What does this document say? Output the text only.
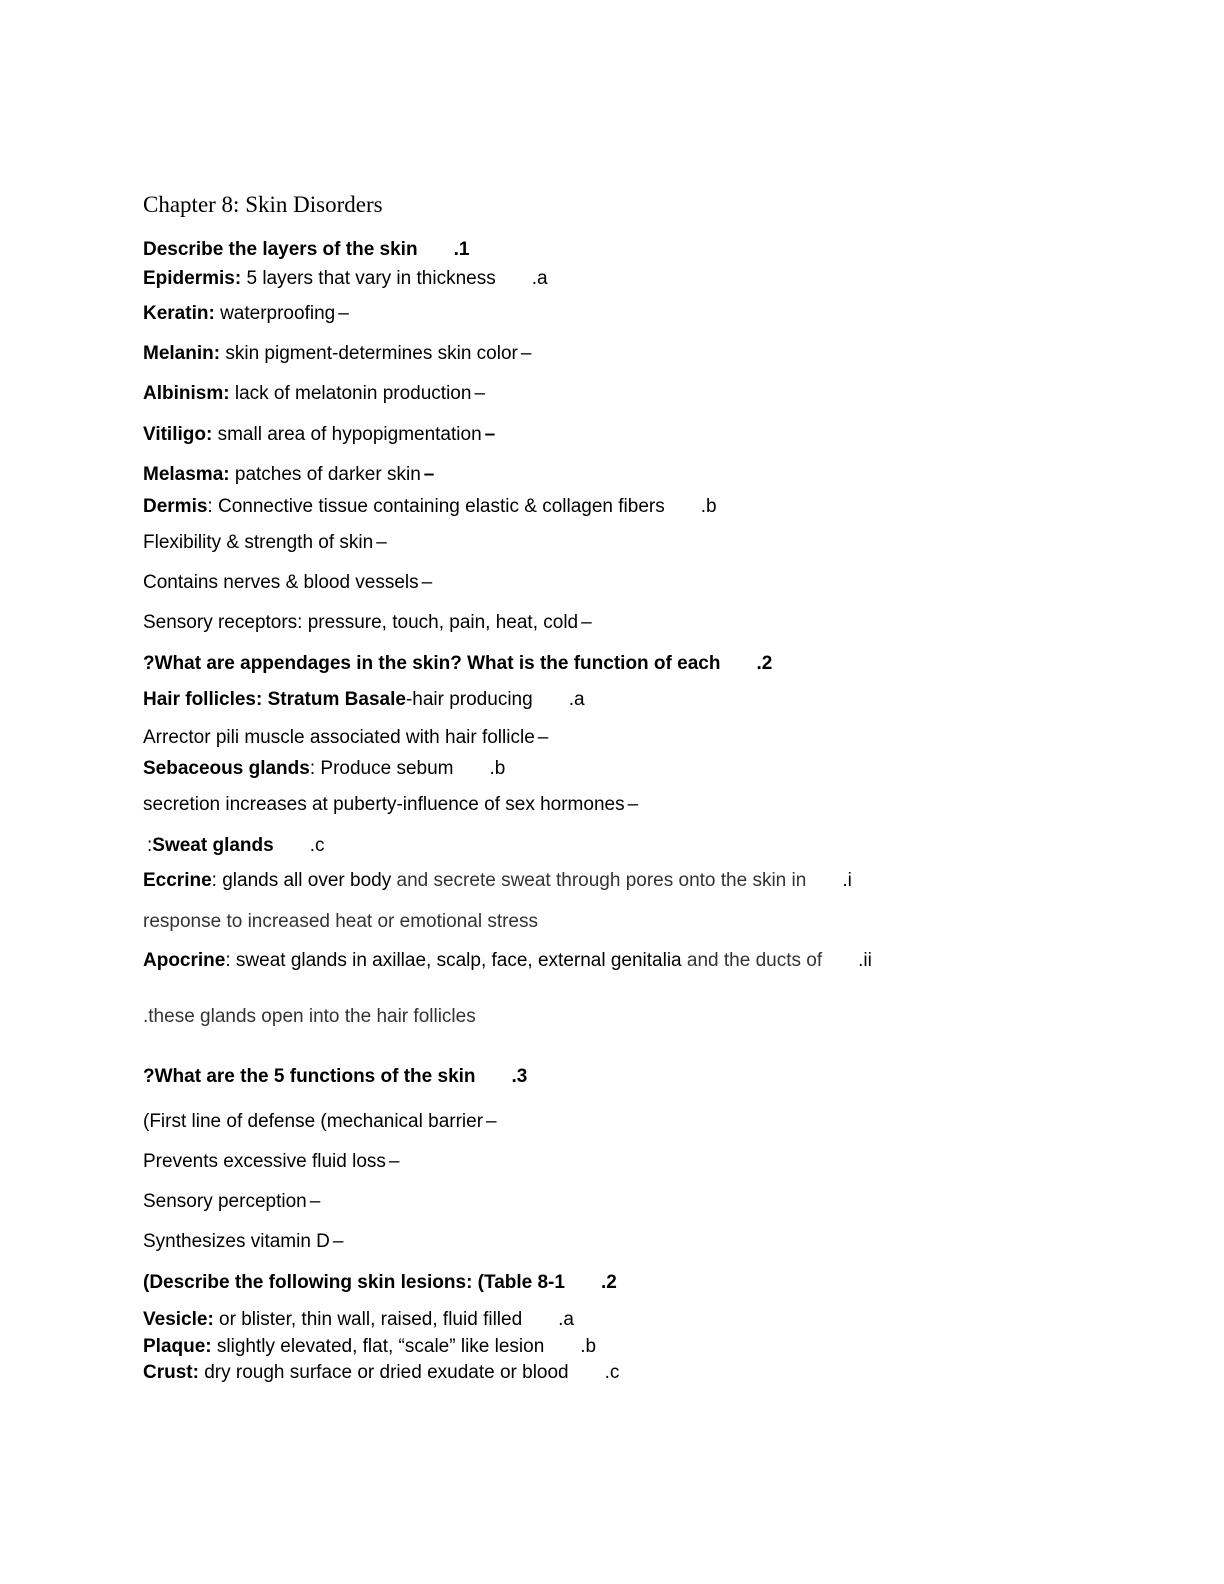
Chapter 8: Skin Disorders
Describe the layers of the skin .1
Epidermis: 5 layers that vary in thickness .a
Keratin: waterproofing –
Melanin: skin pigment-determines skin color –
Albinism: lack of melatonin production –
Vitiligo: small area of hypopigmentation –
Melasma: patches of darker skin –
Dermis: Connective tissue containing elastic & collagen fibers .b
Flexibility & strength of skin –
Contains nerves & blood vessels –
Sensory receptors: pressure, touch, pain, heat, cold –
?What are appendages in the skin? What is the function of each .2
Hair follicles: Stratum Basale-hair producing .a
Arrector pili muscle associated with hair follicle –
Sebaceous glands: Produce sebum .b
secretion increases at puberty-influence of sex hormones –
:Sweat glands .c
Eccrine: glands all over body and secrete sweat through pores onto the skin in .i
response to increased heat or emotional stress
Apocrine: sweat glands in axillae, scalp, face, external genitalia and the ducts of .ii
.these glands open into the hair follicles
?What are the 5 functions of the skin .3
(First line of defense (mechanical barrier –
Prevents excessive fluid loss –
Sensory perception –
Synthesizes vitamin D –
(Describe the following skin lesions: (Table 8-1 .2
Vesicle: or blister, thin wall, raised, fluid filled .a
Plaque: slightly elevated, flat, “scale” like lesion .b
Crust: dry rough surface or dried exudate or blood .c
